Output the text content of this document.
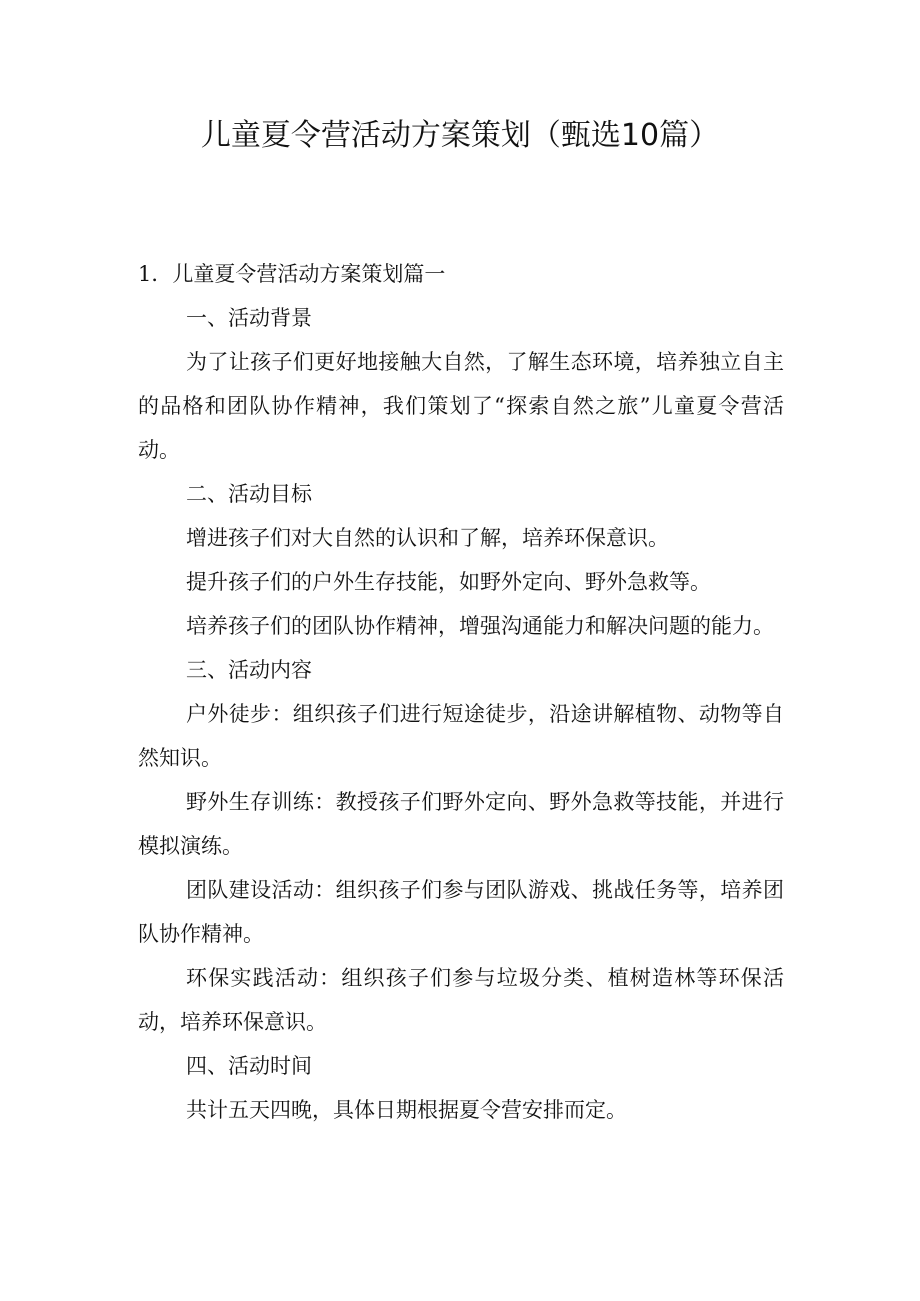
儿童夏令营活动方案策划（甄选10篇）

1．儿童夏令营活动方案策划篇一

一、活动背景

为了让孩子们更好地接触大自然，了解生态环境，培养独立自主的品格和团队协作精神，我们策划了“探索自然之旅”儿童夏令营活动。

二、活动目标

增进孩子们对大自然的认识和了解，培养环保意识。

提升孩子们的户外生存技能，如野外定向、野外急救等。

培养孩子们的团队协作精神，增强沟通能力和解决问题的能力。

三、活动内容

户外徒步：组织孩子们进行短途徒步，沿途讲解植物、动物等自然知识。

野外生存训练：教授孩子们野外定向、野外急救等技能，并进行模拟演练。

团队建设活动：组织孩子们参与团队游戏、挑战任务等，培养团队协作精神。

环保实践活动：组织孩子们参与垃圾分类、植树造林等环保活动，培养环保意识。

四、活动时间

共计五天四晚，具体日期根据夏令营安排而定。
